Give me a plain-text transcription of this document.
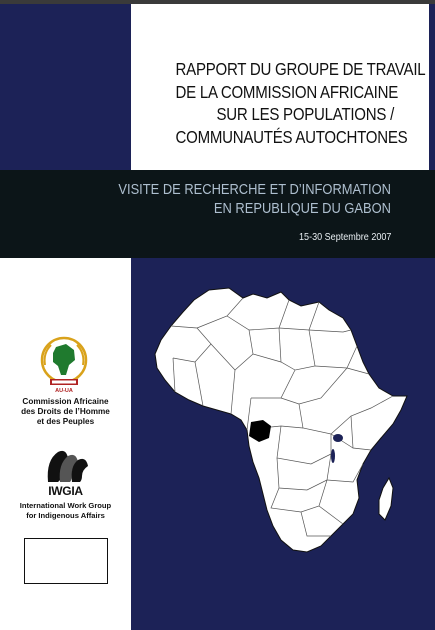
RAPPORT DU GROUPE DE TRAVAIL
DE LA COMMISSION AFRICAINE
SUR LES POPULATIONS /
COMMUNAUTÉS AUTOCHTONES
VISITE DE RECHERCHE ET D’INFORMATION
EN REPUBLIQUE DU GABON
15-30 Septembre 2007
AU-UA
Commission Africaine
des Droits de l’Homme
et des Peuples
IWGIA
International Work Group
for Indigenous Affairs
